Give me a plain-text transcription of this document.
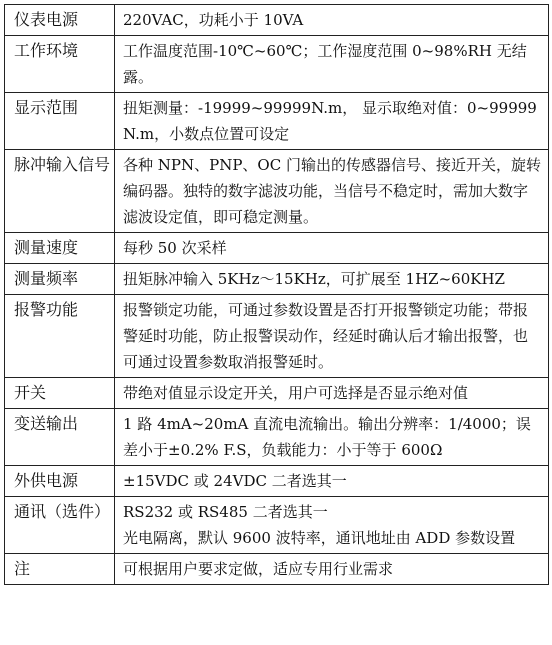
仪表电源	220VAC，功耗小于 10VA

工作环境	工作温度范围-10℃~60℃；工作湿度范围 0~98%RH 无结露。

显示范围	扭矩测量：-19999~99999N.m， 显示取绝对值：0~99999N.m，小数点位置可设定

脉冲输入信号	各种 NPN、PNP、OC 门输出的传感器信号、接近开关，旋转编码器。独特的数字滤波功能，当信号不稳定时，需加大数字滤波设定值，即可稳定测量。

测量速度	每秒 50 次采样

测量频率	扭矩脉冲输入 5KHz～15KHz，可扩展至 1HZ~60KHZ

报警功能	报警锁定功能，可通过参数设置是否打开报警锁定功能；带报警延时功能，防止报警误动作，经延时确认后才输出报警，也可通过设置参数取消报警延时。

开关	带绝对值显示设定开关，用户可选择是否显示绝对值

变送输出	1 路 4mA~20mA 直流电流输出。输出分辨率：1/4000；误差小于±0.2% F.S，负载能力：小于等于 600Ω

外供电源	±15VDC 或 24VDC 二者选其一

通讯（选件）	RS232 或 RS485 二者选其一
光电隔离，默认 9600 波特率，通讯地址由 ADD 参数设置

注	可根据用户要求定做，适应专用行业需求
